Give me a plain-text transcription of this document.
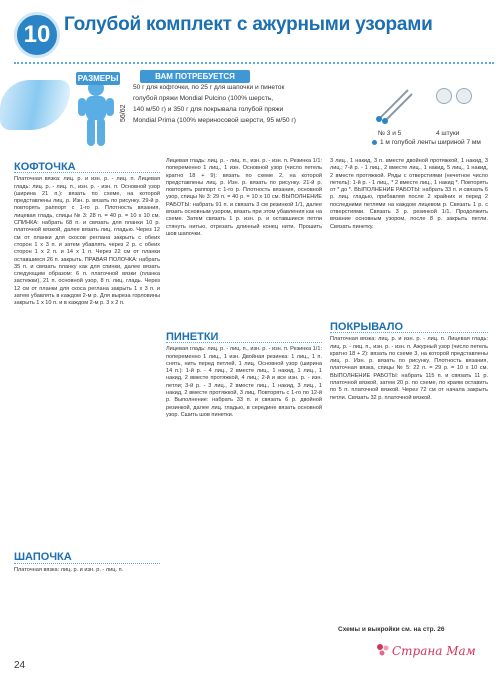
10 Голубой комплект с ажурными узорами
РАЗМЕРЫ
56/62
ВАМ ПОТРЕБУЕТСЯ
50 г для кофточки, по 25 г для шапочки и пинеток
голубой пряжи Mondial Pulcino (100% шерсть,
140 м/50 г) и 350 г для покрывала голубой пряжи
Mondial Prima (100% мериносовой шерсти, 95 м/50 г)
№ 3 и 5	4 штуки
1 м голубой ленты шириной 7 мм
КОФТОЧКА

Платочная вязка: лиц. р. и изн. р. - лиц. п. Лицевая гладь: лиц. р. - лиц. п., изн. р. - изн. п. Основной узор (ширина 21 п.): вязать по схеме, на которой представлены лиц. р. Изн. р. вязать по рисунку. 29-й р. повторять раппорт с 1-го р. Плотность вязания, лицевая гладь, спицы № 3: 28 п. = 40 р. = 10 х 10 см. СПИНКА: набрать 68 п. и связать для планки 10 р. платочной вязкой, далее вязать лиц. гладью. Через 12 см от планки для скосов реглана закрыть с обеих сторон 1 х 3 п. и затем убавлять через 2 р. с обеих сторон 1 х 2 п. и 14 х 1 п. Через 22 см от планки оставшиеся 26 п. закрыть. ПРАВАЯ ПОЛОЧКА: набрать 35 п. и связать планку как для спинки, далее вязать следующим образом: 6 п. платочной вязки (планка застежки), 21 п. основной узор, 8 п. лиц. гладь. Через 12 см от планки для скоса реглана закрыть 1 х 3 п. и затем убавлять в каждом 2-м р. Для выреза горловины закрыть 1 х 10 п. и в каждом 2-м р. 3 х 2 п.

ШАПОЧКА

Платочная вязка: лиц. р. и изн. р. - лиц. п.

Лицевая гладь: лиц. р. - лиц. п., изн. р. - изн. п. Резинка 1/1: попеременно 1 лиц., 1 изн. Основной узор (число петель кратно 18 + 9): вязать по схеме 2, на которой представлены лиц. р. Изн. р. вязать по рисунку. 21-й р. повторять раппорт с 1-го р. Плотность вязания, основной узор, спицы № 3: 29 п. = 40 р. = 10 х 10 см. ВЫПОЛНЕНИЕ РАБОТЫ: набрать 91 п. и связать 3 см резинкой 1/1, далее вязать основным узором, вязать при этом убавления как на схеме. Затем связать 1 р. изн. р. и оставшиеся петли стянуть нитью, отрезать длинный конец нити. Прошить шов шапочки.

ПИНЕТКИ

Лицевая гладь: лиц. р. - лиц. п., изн. р. - изн. п. Резинка 1/1: попеременно 1 лиц., 1 изн. Двойная резинка: 1 лиц., 1 п. снять, нить перед петлей, 1 лиц. Основной узор (ширина 14 п.): 1-й р. - 4 лиц., 2 вместе лиц., 1 накид, 1 лиц., 1 накид, 2 вместе протяжкой, 4 лиц.; 2-й и все изн. р. - изн. петли; 3-й р. - 3 лиц., 2 вместе лиц., 1 накид, 3 лиц., 1 накид, 2 вместе протяжкой, 3 лиц. Повторять с 1-го по 12-й р. Выполнение: набрать 33 п. и связать 6 р. двойной резинкой, далее лиц. гладью, в середине вязать основной узор. Сшить шов пинетки.

3 лиц., 1 накид, 3 п. вместе двойной протяжкой, 1 накид, 3 лиц.; 7-й р. - 1 лиц., 2 вместе лиц., 1 накид, 5 лиц., 1 накид, 2 вместе протяжкой. Ряды с отверстиями (нечетное число петель): 1-й р. - 1 лиц., * 2 вместе лиц., 1 накид *. Повторять от * до *. ВЫПОЛНЕНИЕ РАБОТЫ: набрать 33 п. и связать 6 р. лиц. гладью, прибавляя после 2 крайних и перед 2 последними петлями на каждом лицевом р. Связать 1 р. с отверстиями. Связать 3 р. резинкой 1/1. Продолжить вязание основным узором, после 8 р. закрыть петли. Связать пинетку.

ПОКРЫВАЛО

Платочная вязка: лиц. р. и изн. р. - лиц. п. Лицевая гладь: лиц. р. - лиц. п., изн. р. - изн. п. Ажурный узор (число петель кратно 18 + 2): вязать по схеме 3, на которой представлены лиц. р. Изн. р. вязать по рисунку. Плотность вязания, платочная вязка, спицы № 5: 22 п. = 29 р. = 10 х 10 см. ВЫПОЛНЕНИЕ РАБОТЫ: набрать 115 п. и связать 11 р. платочной вязкой, затем 20 р. по схеме, по краям оставить по 5 п. платочной вязкой. Через 72 см от начала закрыть петли. Связать 32 р. платочной вязкой.

Схемы и выкройки см. на стр. 26
24
Страна Мам
